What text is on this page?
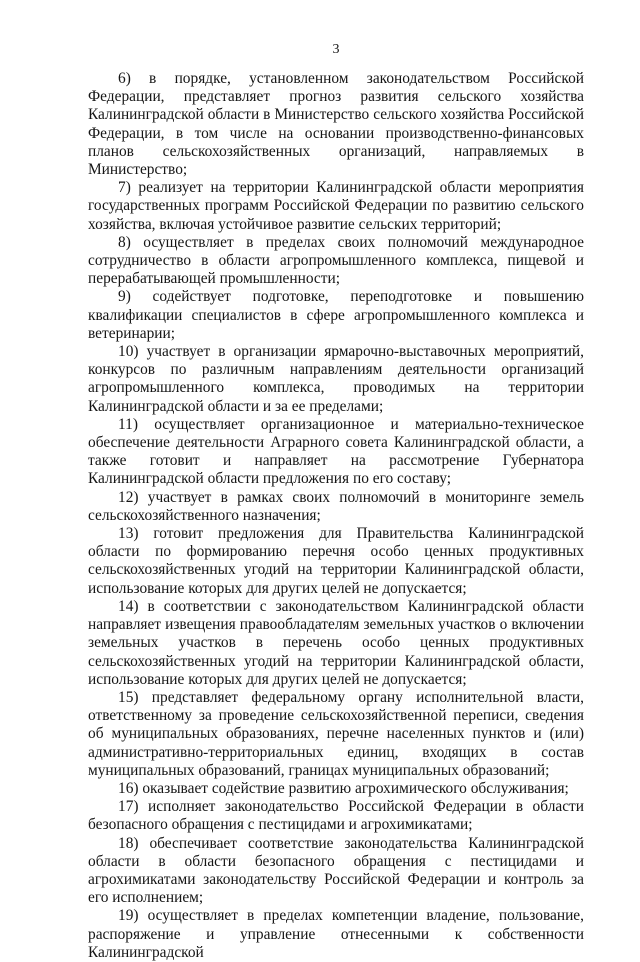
3

6) в порядке, установленном законодательством Российской Федерации, представляет прогноз развития сельского хозяйства Калининградской области в Министерство сельского хозяйства Российской Федерации, в том числе на основании производственно-финансовых планов сельскохозяйственных организаций, направляемых в Министерство;

7) реализует на территории Калининградской области мероприятия государственных программ Российской Федерации по развитию сельского хозяйства, включая устойчивое развитие сельских территорий;

8) осуществляет в пределах своих полномочий международное сотрудничество в области агропромышленного комплекса, пищевой и перерабатывающей промышленности;

9) содействует подготовке, переподготовке и повышению квалификации специалистов в сфере агропромышленного комплекса и ветеринарии;

10) участвует в организации ярмарочно-выставочных мероприятий, конкурсов по различным направлениям деятельности организаций агропромышленного комплекса, проводимых на территории Калининградской области и за ее пределами;

11) осуществляет организационное и материально-техническое обеспечение деятельности Аграрного совета Калининградской области, а также готовит и направляет на рассмотрение Губернатора Калининградской области предложения по его составу;

12) участвует в рамках своих полномочий в мониторинге земель сельскохозяйственного назначения;

13) готовит предложения для Правительства Калининградской области по формированию перечня особо ценных продуктивных сельскохозяйственных угодий на территории Калининградской области, использование которых для других целей не допускается;

14) в соответствии с законодательством Калининградской области направляет извещения правообладателям земельных участков о включении земельных участков в перечень особо ценных продуктивных сельскохозяйственных угодий на территории Калининградской области, использование которых для других целей не допускается;

15) представляет федеральному органу исполнительной власти, ответственному за проведение сельскохозяйственной переписи, сведения об муниципальных образованиях, перечне населенных пунктов и (или) административно-территориальных единиц, входящих в состав муниципальных образований, границах муниципальных образований;

16) оказывает содействие развитию агрохимического обслуживания;

17) исполняет законодательство Российской Федерации в области безопасного обращения с пестицидами и агрохимикатами;

18) обеспечивает соответствие законодательства Калининградской области в области безопасного обращения с пестицидами и агрохимикатами законодательству Российской Федерации и контроль за его исполнением;

19) осуществляет в пределах компетенции владение, пользование, распоряжение и управление отнесенными к собственности Калининградской
